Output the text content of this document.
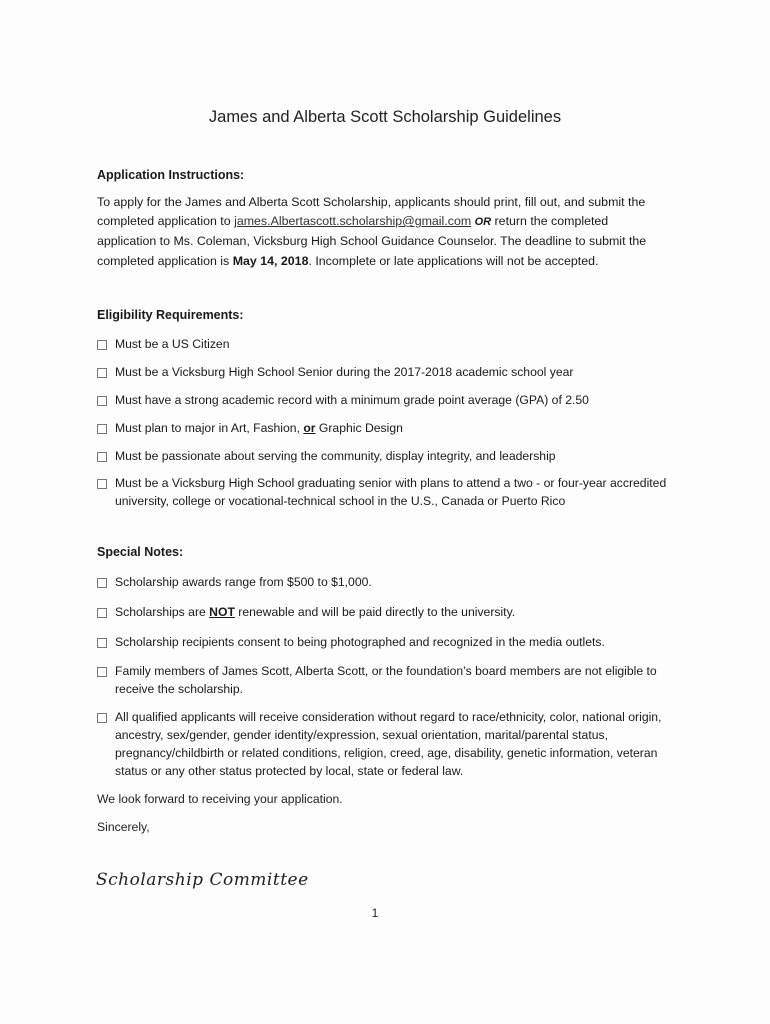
James and Alberta Scott Scholarship Guidelines
Application Instructions:
To apply for the James and Alberta Scott Scholarship, applicants should print, fill out, and submit the completed application to james.Albertascott.scholarship@gmail.com OR return the completed application to Ms. Coleman, Vicksburg High School Guidance Counselor. The deadline to submit the completed application is May 14, 2018. Incomplete or late applications will not be accepted.
Eligibility Requirements:
Must be a US Citizen
Must be a Vicksburg High School Senior during the 2017-2018 academic school year
Must have a strong academic record with a minimum grade point average (GPA) of 2.50
Must plan to major in Art, Fashion, or Graphic Design
Must be passionate about serving the community, display integrity, and leadership
Must be a Vicksburg High School graduating senior with plans to attend a two - or four-year accredited university, college or vocational-technical school in the U.S., Canada or Puerto Rico
Special Notes:
Scholarship awards range from $500 to $1,000.
Scholarships are NOT renewable and will be paid directly to the university.
Scholarship recipients consent to being photographed and recognized in the media outlets.
Family members of James Scott, Alberta Scott, or the foundation’s board members are not eligible to receive the scholarship.
All qualified applicants will receive consideration without regard to race/ethnicity, color, national origin, ancestry, sex/gender, gender identity/expression, sexual orientation, marital/parental status, pregnancy/childbirth or related conditions, religion, creed, age, disability, genetic information, veteran status or any other status protected by local, state or federal law.
We look forward to receiving your application.
Sincerely,
Scholarship Committee
1
